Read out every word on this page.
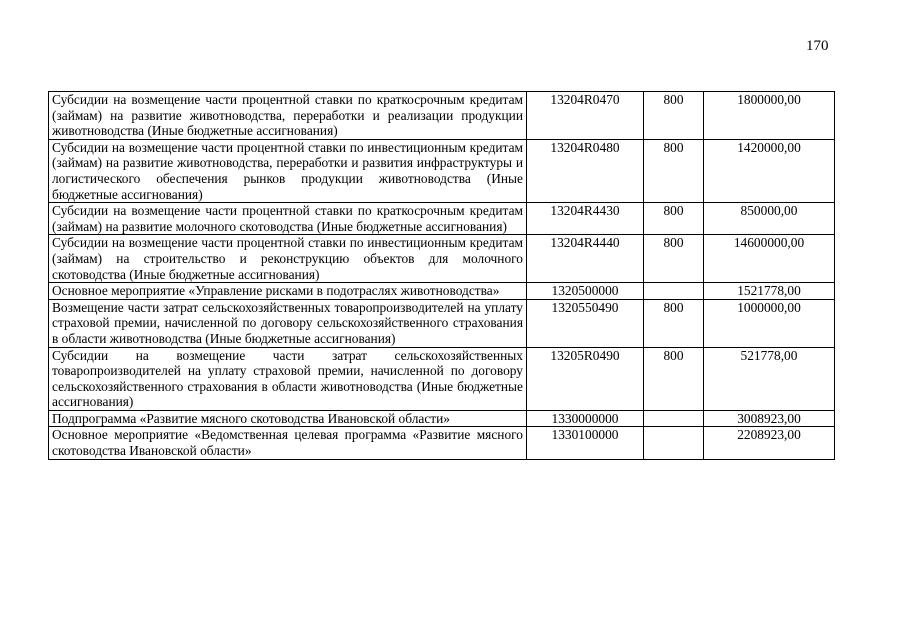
170
Субсидии на возмещение части процентной ставки по краткосрочным кредитам (займам) на развитие животноводства, переработки и реализации продукции животноводства (Иные бюджетные ассигнования)	13204R0470	800	1800000,00
Субсидии на возмещение части процентной ставки по инвестиционным кредитам (займам) на развитие животноводства, переработки и развития инфраструктуры и логистического обеспечения рынков продукции животноводства (Иные бюджетные ассигнования)	13204R0480	800	1420000,00
Субсидии на возмещение части процентной ставки по краткосрочным кредитам (займам) на развитие молочного скотоводства (Иные бюджетные ассигнования)	13204R4430	800	850000,00
Субсидии на возмещение части процентной ставки по инвестиционным кредитам (займам) на строительство и реконструкцию объектов для молочного скотоводства (Иные бюджетные ассигнования)	13204R4440	800	14600000,00
Основное мероприятие «Управление рисками в подотраслях животноводства»	1320500000		1521778,00
Возмещение части затрат сельскохозяйственных товаропроизводителей на уплату страховой премии, начисленной по договору сельскохозяйственного страхования в области животноводства (Иные бюджетные ассигнования)	1320550490	800	1000000,00
Субсидии на возмещение части затрат сельскохозяйственных товаропроизводителей на уплату страховой премии, начисленной по договору сельскохозяйственного страхования в области животноводства (Иные бюджетные ассигнования)	13205R0490	800	521778,00
Подпрограмма «Развитие мясного скотоводства Ивановской области»	1330000000		3008923,00
Основное мероприятие «Ведомственная целевая программа «Развитие мясного скотоводства Ивановской области»	1330100000		2208923,00
